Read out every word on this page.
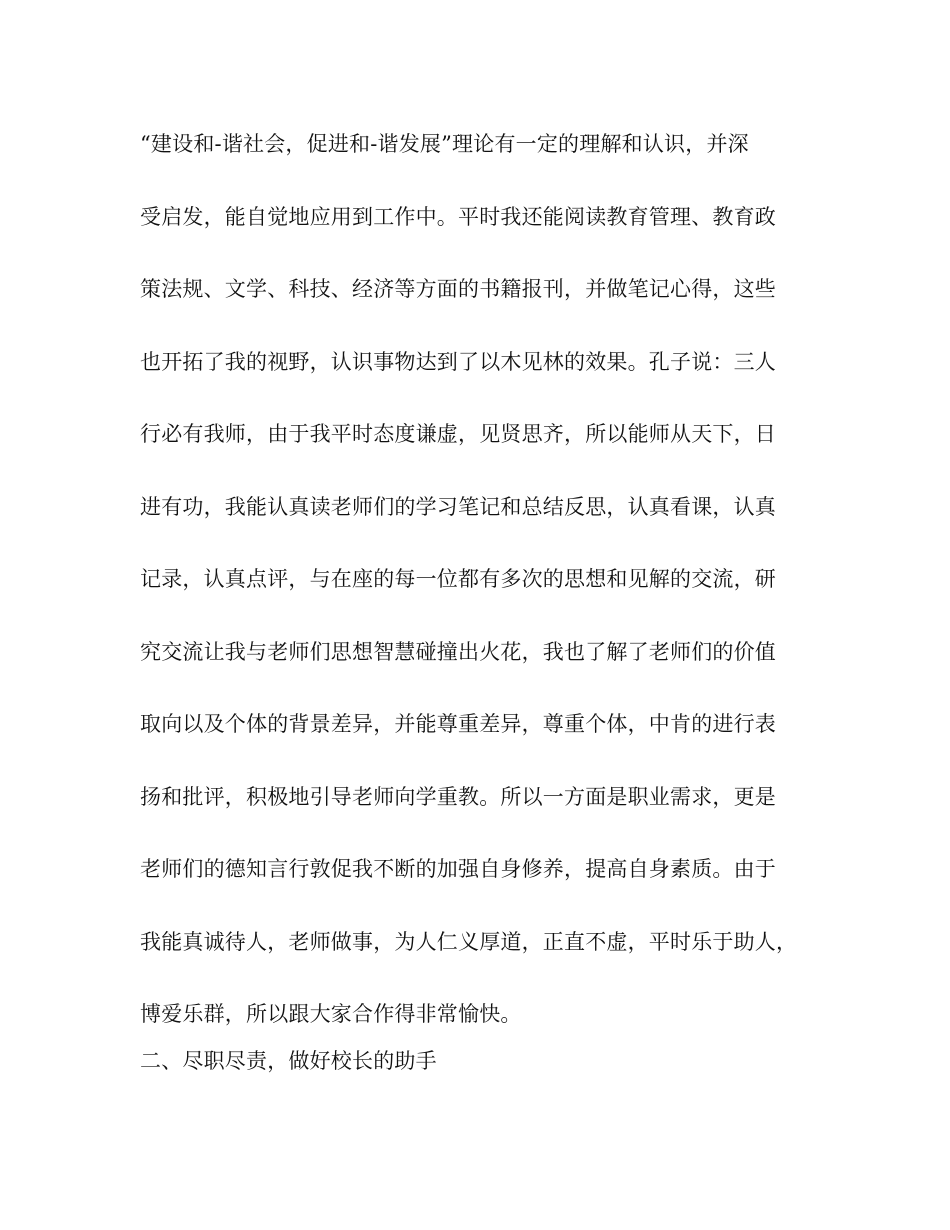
“建设和-谐社会，促进和-谐发展”理论有一定的理解和认识，并深
受启发，能自觉地应用到工作中。平时我还能阅读教育管理、教育政
策法规、文学、科技、经济等方面的书籍报刊，并做笔记心得，这些
也开拓了我的视野，认识事物达到了以木见林的效果。孔子说：三人
行必有我师，由于我平时态度谦虚，见贤思齐，所以能师从天下，日
进有功，我能认真读老师们的学习笔记和总结反思，认真看课，认真
记录，认真点评，与在座的每一位都有多次的思想和见解的交流，研
究交流让我与老师们思想智慧碰撞出火花，我也了解了老师们的价值
取向以及个体的背景差异，并能尊重差异，尊重个体，中肯的进行表
扬和批评，积极地引导老师向学重教。所以一方面是职业需求，更是
老师们的德知言行敦促我不断的加强自身修养，提高自身素质。由于
我能真诚待人，老师做事，为人仁义厚道，正直不虚，平时乐于助人，
博爱乐群，所以跟大家合作得非常愉快。
二、尽职尽责，做好校长的助手
